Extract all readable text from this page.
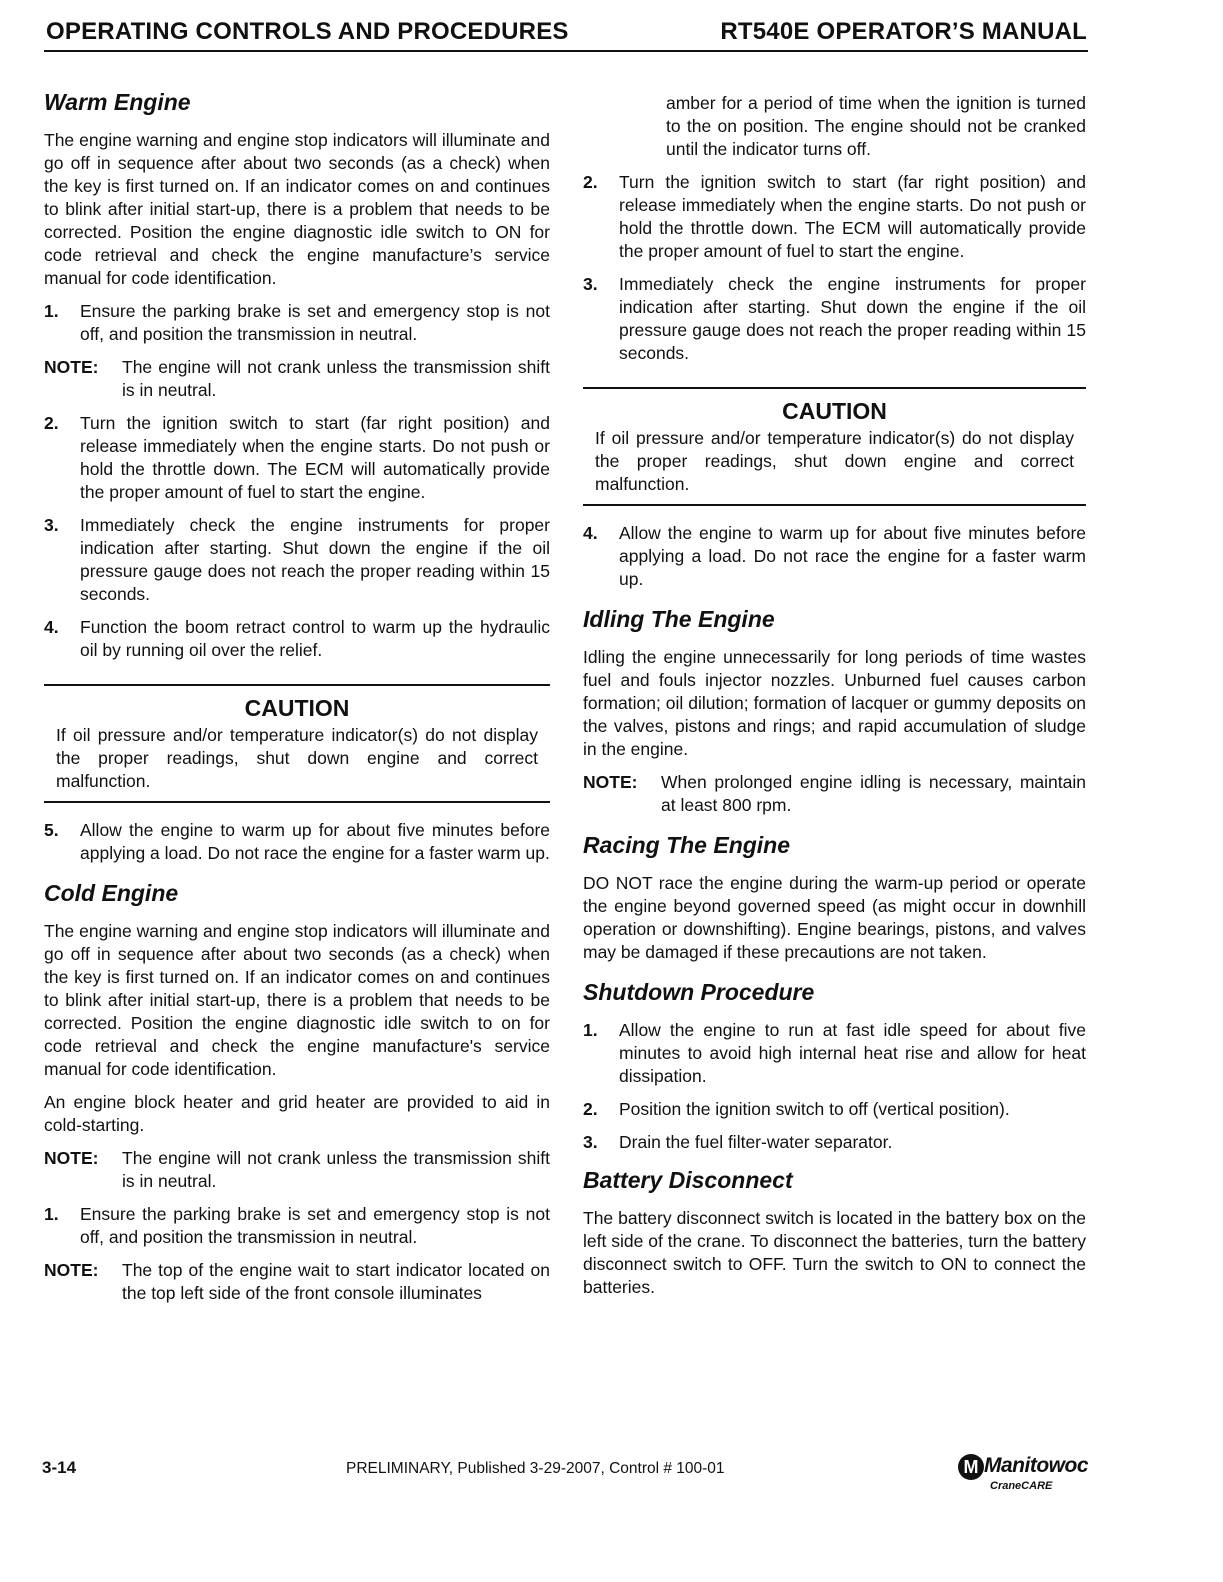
OPERATING CONTROLS AND PROCEDURES	RT540E OPERATOR’S MANUAL
Warm Engine

The engine warning and engine stop indicators will illuminate and go off in sequence after about two seconds (as a check) when the key is first turned on. If an indicator comes on and continues to blink after initial start-up, there is a problem that needs to be corrected. Position the engine diagnostic idle switch to ON for code retrieval and check the engine manufacture’s service manual for code identification.

1.	Ensure the parking brake is set and emergency stop is not off, and position the transmission in neutral.
NOTE:	The engine will not crank unless the transmission shift is in neutral.
2.	Turn the ignition switch to start (far right position) and release immediately when the engine starts. Do not push or hold the throttle down. The ECM will automatically provide the proper amount of fuel to start the engine.
3.	Immediately check the engine instruments for proper indication after starting. Shut down the engine if the oil pressure gauge does not reach the proper reading within 15 seconds.
4.	Function the boom retract control to warm up the hydraulic oil by running oil over the relief.
CAUTION

If oil pressure and/or temperature indicator(s) do not display the proper readings, shut down engine and correct malfunction.

5.	Allow the engine to warm up for about five minutes before applying a load. Do not race the engine for a faster warm up.
Cold Engine

The engine warning and engine stop indicators will illuminate and go off in sequence after about two seconds (as a check) when the key is first turned on. If an indicator comes on and continues to blink after initial start-up, there is a problem that needs to be corrected. Position the engine diagnostic idle switch to on for code retrieval and check the engine manufacture's service manual for code identification.

An engine block heater and grid heater are provided to aid in cold-starting.

NOTE:	The engine will not crank unless the transmission shift is in neutral.
1.	Ensure the parking brake is set and emergency stop is not off, and position the transmission in neutral.
NOTE:	The top of the engine wait to start indicator located on the top left side of the front console illuminates

amber for a period of time when the ignition is turned to the on position. The engine should not be cranked until the indicator turns off.

2.	Turn the ignition switch to start (far right position) and release immediately when the engine starts. Do not push or hold the throttle down. The ECM will automatically provide the proper amount of fuel to start the engine.
3.	Immediately check the engine instruments for proper indication after starting. Shut down the engine if the oil pressure gauge does not reach the proper reading within 15 seconds.
CAUTION

If oil pressure and/or temperature indicator(s) do not display the proper readings, shut down engine and correct malfunction.

4.	Allow the engine to warm up for about five minutes before applying a load. Do not race the engine for a faster warm up.
Idling The Engine

Idling the engine unnecessarily for long periods of time wastes fuel and fouls injector nozzles. Unburned fuel causes carbon formation; oil dilution; formation of lacquer or gummy deposits on the valves, pistons and rings; and rapid accumulation of sludge in the engine.

NOTE:	When prolonged engine idling is necessary, maintain at least 800 rpm.
Racing The Engine

DO NOT race the engine during the warm-up period or operate the engine beyond governed speed (as might occur in downhill operation or downshifting). Engine bearings, pistons, and valves may be damaged if these precautions are not taken.

Shutdown Procedure
1.	Allow the engine to run at fast idle speed for about five minutes to avoid high internal heat rise and allow for heat dissipation.
2.	Position the ignition switch to off (vertical position).
3.	Drain the fuel filter-water separator.
Battery Disconnect

The battery disconnect switch is located in the battery box on the left side of the crane. To disconnect the batteries, turn the battery disconnect switch to OFF. Turn the switch to ON to connect the batteries.

3-14	PRELIMINARY, Published 3-29-2007, Control # 100-01	M Manitowoc
CraneCARE
